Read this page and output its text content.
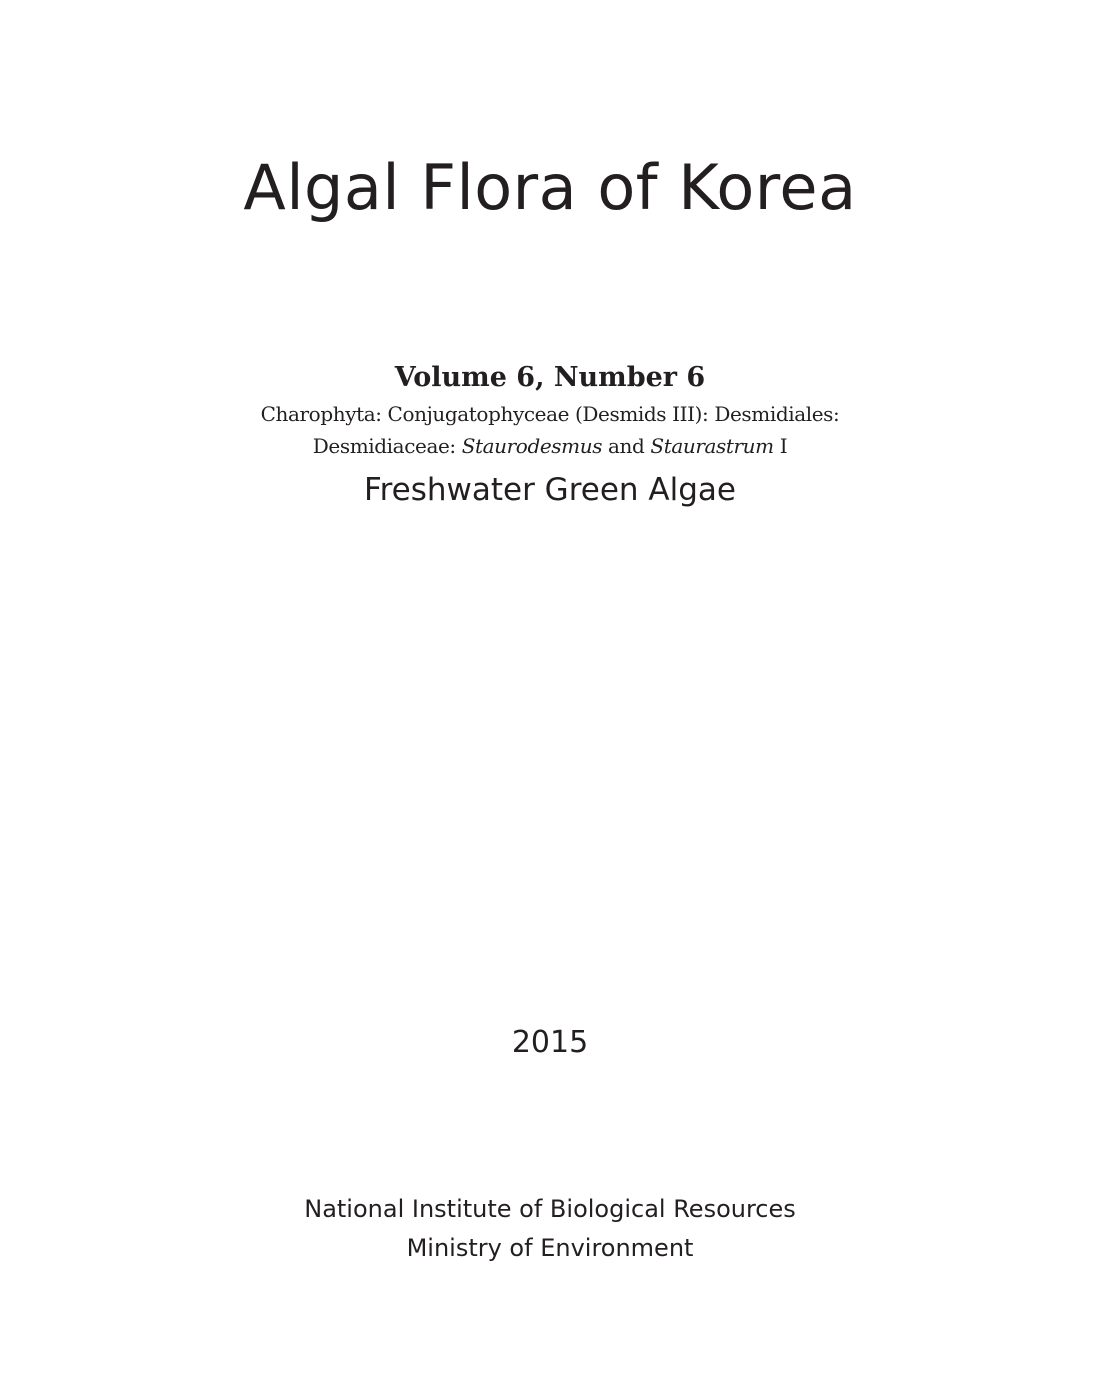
Algal Flora of Korea
Volume 6, Number 6
Charophyta: Conjugatophyceae (Desmids III): Desmidiales:
Desmidiaceae: Staurodesmus and Staurastrum I
Freshwater Green Algae
2015
National Institute of Biological Resources
Ministry of Environment
